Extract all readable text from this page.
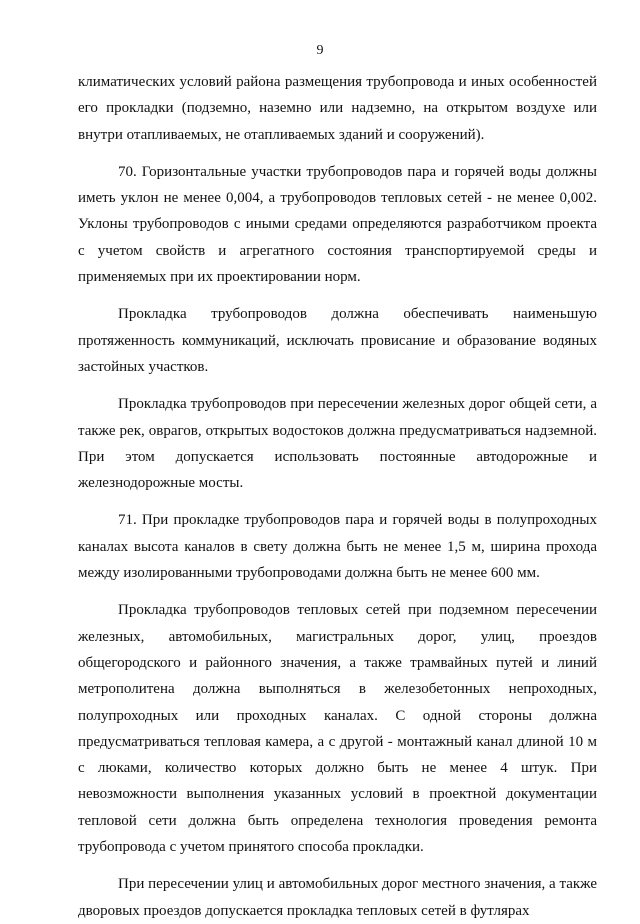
9

климатических условий района размещения трубопровода и иных особенностей его прокладки (подземно, наземно или надземно, на открытом воздухе или внутри отапливаемых, не отапливаемых зданий и сооружений).

70. Горизонтальные участки трубопроводов пара и горячей воды должны иметь уклон не менее 0,004, а трубопроводов тепловых сетей - не менее 0,002. Уклоны трубопроводов с иными средами определяются разработчиком проекта с учетом свойств и агрегатного состояния транспортируемой среды и применяемых при их проектировании норм.

Прокладка трубопроводов должна обеспечивать наименьшую протяженность коммуникаций, исключать провисание и образование водяных застойных участков.

Прокладка трубопроводов при пересечении железных дорог общей сети, а также рек, оврагов, открытых водостоков должна предусматриваться надземной. При этом допускается использовать постоянные автодорожные и железнодорожные мосты.

71. При прокладке трубопроводов пара и горячей воды в полупроходных каналах высота каналов в свету должна быть не менее 1,5 м, ширина прохода между изолированными трубопроводами должна быть не менее 600 мм.

Прокладка трубопроводов тепловых сетей при подземном пересечении железных, автомобильных, магистральных дорог, улиц, проездов общегородского и районного значения, а также трамвайных путей и линий метрополитена должна выполняться в железобетонных непроходных, полупроходных или проходных каналах. С одной стороны должна предусматриваться тепловая камера, а с другой - монтажный канал длиной 10 м с люками, количество которых должно быть не менее 4 штук. При невозможности выполнения указанных условий в проектной документации тепловой сети должна быть определена технология проведения ремонта трубопровода с учетом принятого способа прокладки.

При пересечении улиц и автомобильных дорог местного значения, а также дворовых проездов допускается прокладка тепловых сетей в футлярах
